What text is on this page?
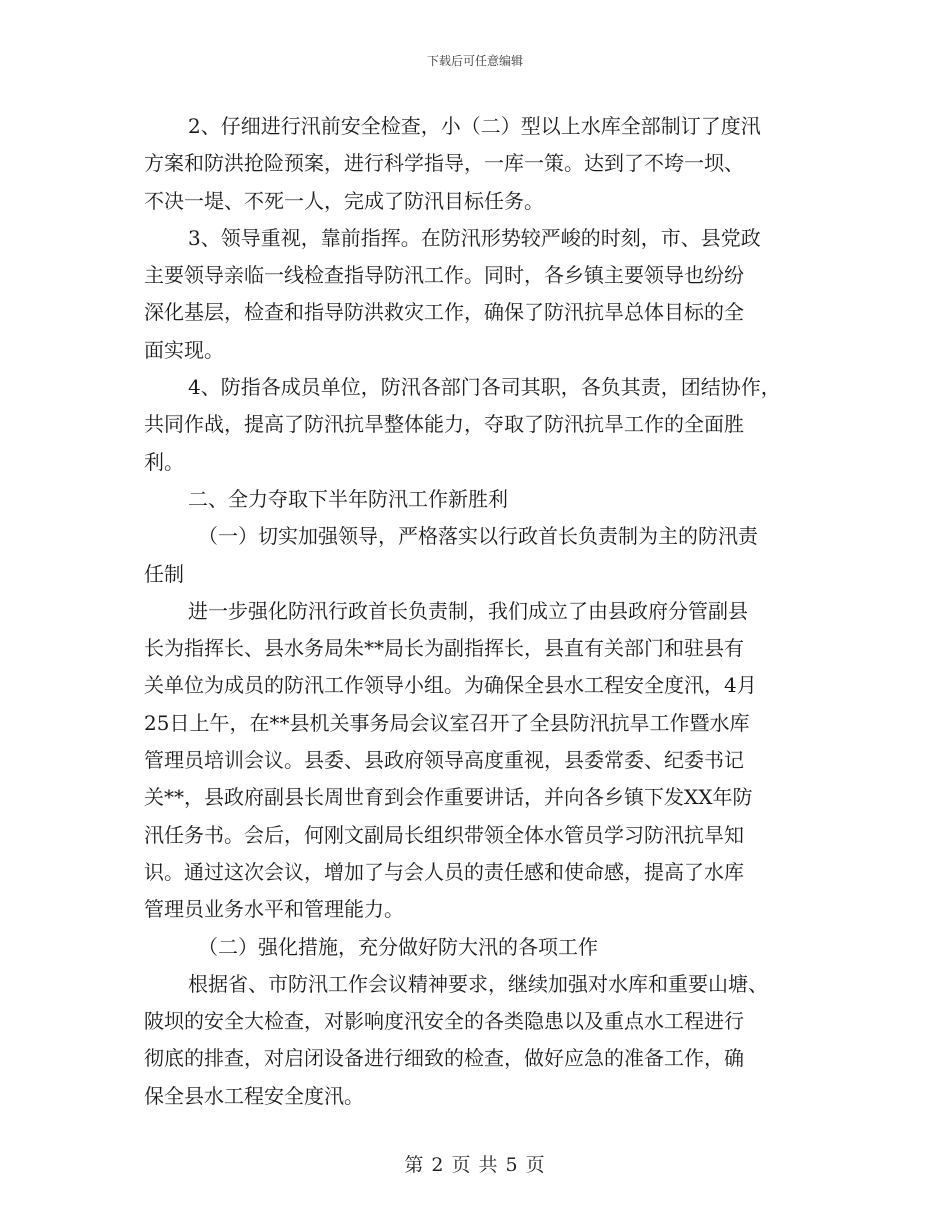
下载后可任意编辑
2、仔细进行汛前安全检查，小（二）型以上水库全部制订了度汛
方案和防洪抢险预案，进行科学指导，一库一策。达到了不垮一坝、
不决一堤、不死一人，完成了防汛目标任务。
3、领导重视，靠前指挥。在防汛形势较严峻的时刻，市、县党政
主要领导亲临一线检查指导防汛工作。同时，各乡镇主要领导也纷纷
深化基层，检查和指导防洪救灾工作，确保了防汛抗旱总体目标的全
面实现。
4、防指各成员单位，防汛各部门各司其职，各负其责，团结协作，
共同作战，提高了防汛抗旱整体能力，夺取了防汛抗旱工作的全面胜
利。
二、全力夺取下半年防汛工作新胜利
（一）切实加强领导，严格落实以行政首长负责制为主的防汛责
任制
进一步强化防汛行政首长负责制，我们成立了由县政府分管副县
长为指挥长、县水务局朱**局长为副指挥长，县直有关部门和驻县有
关单位为成员的防汛工作领导小组。为确保全县水工程安全度汛，4月
25日上午，在**县机关事务局会议室召开了全县防汛抗旱工作暨水库
管理员培训会议。县委、县政府领导高度重视，县委常委、纪委书记
关**，县政府副县长周世育到会作重要讲话，并向各乡镇下发XX年防
汛任务书。会后，何刚文副局长组织带领全体水管员学习防汛抗旱知
识。通过这次会议，增加了与会人员的责任感和使命感，提高了水库
管理员业务水平和管理能力。
（二）强化措施，充分做好防大汛的各项工作
根据省、市防汛工作会议精神要求，继续加强对水库和重要山塘、
陂坝的安全大检查，对影响度汛安全的各类隐患以及重点水工程进行
彻底的排查，对启闭设备进行细致的检查，做好应急的准备工作，确
保全县水工程安全度汛。
第 2 页 共 5 页
